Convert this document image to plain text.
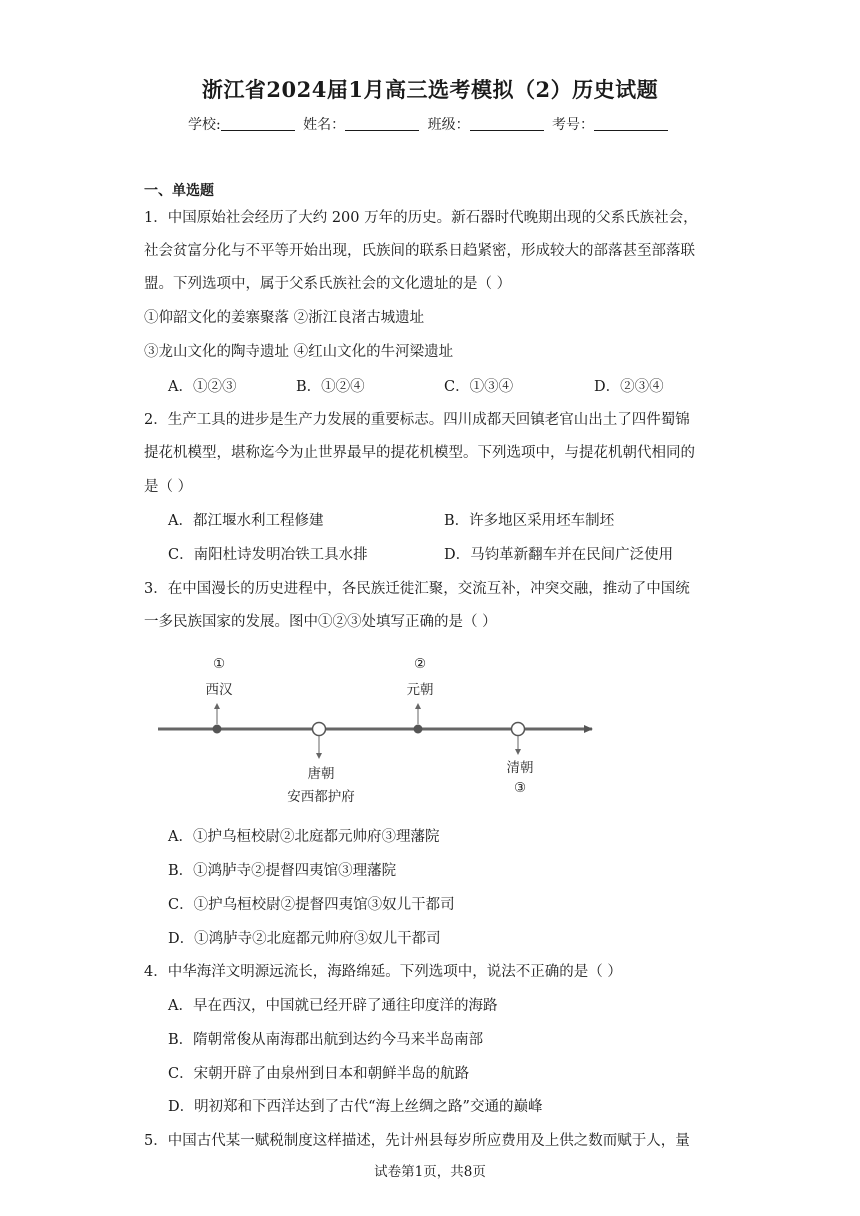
浙江省2024届1月高三选考模拟（2）历史试题
学校:	姓名：	班级：	考号：
一、单选题
1．中国原始社会经历了大约 200 万年的历史。新石器时代晚期出现的父系氏族社会，
社会贫富分化与不平等开始出现，氏族间的联系日趋紧密，形成较大的部落甚至部落联
盟。下列选项中，属于父系氏族社会的文化遗址的是（ ）
①仰韶文化的姜寨聚落 ②浙江良渚古城遗址
③龙山文化的陶寺遗址 ④红山文化的牛河梁遗址
A．①②③	B．①②④	C．①③④	D．②③④
2．生产工具的进步是生产力发展的重要标志。四川成都天回镇老官山出土了四件蜀锦
提花机模型，堪称迄今为止世界最早的提花机模型。下列选项中，与提花机朝代相同的
是（ ）
A．都江堰水利工程修建	B．许多地区采用坯车制坯
C．南阳杜诗发明冶铁工具水排	D．马钧革新翻车并在民间广泛使用
3．在中国漫长的历史进程中，各民族迁徙汇聚，交流互补，冲突交融，推动了中国统
一多民族国家的发展。图中①②③处填写正确的是（ ）
①
西汉
唐朝
安西都护府
②
元朝
清朝
③
A．①护乌桓校尉②北庭都元帅府③理藩院
B．①鸿胪寺②提督四夷馆③理藩院
C．①护乌桓校尉②提督四夷馆③奴儿干都司
D．①鸿胪寺②北庭都元帅府③奴儿干都司
4．中华海洋文明源远流长，海路绵延。下列选项中，说法不正确的是（ ）
A．早在西汉，中国就已经开辟了通往印度洋的海路
B．隋朝常俊从南海郡出航到达约今马来半岛南部
C．宋朝开辟了由泉州到日本和朝鲜半岛的航路
D．明初郑和下西洋达到了古代“海上丝绸之路”交通的巅峰
5．中国古代某一赋税制度这样描述，先计州县每岁所应费用及上供之数而赋于人，量
试卷第1页，共8页
